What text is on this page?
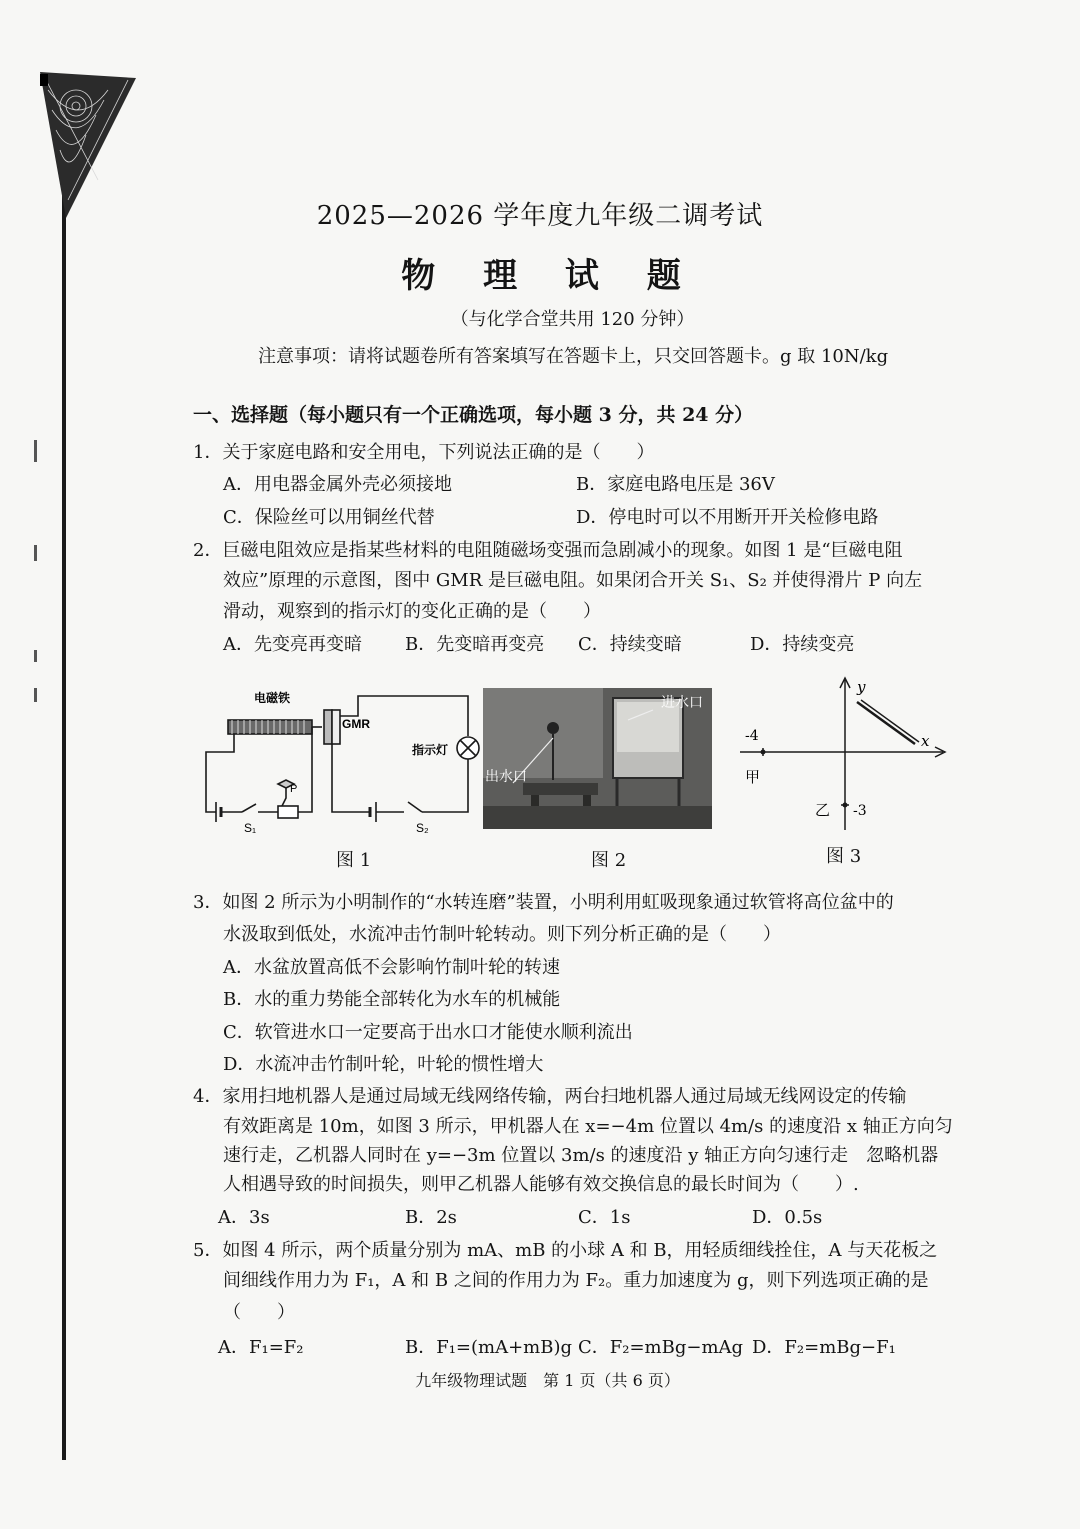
2025—2026 学年度九年级二调考试
物 理 试 题
（与化学合堂共用 120 分钟）
注意事项：请将试题卷所有答案填写在答题卡上，只交回答题卡。g 取 10N/kg
一、选择题（每小题只有一个正确选项，每小题 3 分，共 24 分）
1．关于家庭电路和安全用电，下列说法正确的是（　　）
A．用电器金属外壳必须接地	B．家庭电路电压是 36V
C．保险丝可以用铜丝代替	D．停电时可以不用断开开关检修电路
2．巨磁电阻效应是指某些材料的电阻随磁场变强而急剧减小的现象。如图 1 是“巨磁电阻
效应”原理的示意图，图中 GMR 是巨磁电阻。如果闭合开关 S₁、S₂ 并使得滑片 P 向左
滑动，观察到的指示灯的变化正确的是（　　）
A．先变亮再变暗 B．先变暗再变亮 C．持续变暗	D．持续变亮
电磁铁
GMR
指示灯
S₁	S₂
P
进水口
出水口
y
x
-4
甲
乙 -3
图 1	图 2	图 3
3．如图 2 所示为小明制作的“水转连磨”装置，小明利用虹吸现象通过软管将高位盆中的
水汲取到低处，水流冲击竹制叶轮转动。则下列分析正确的是（　　）
A．水盆放置高低不会影响竹制叶轮的转速
B．水的重力势能全部转化为水车的机械能
C．软管进水口一定要高于出水口才能使水顺利流出
D．水流冲击竹制叶轮，叶轮的惯性增大
4．家用扫地机器人是通过局域无线网络传输，两台扫地机器人通过局域无线网设定的传输
有效距离是 10m，如图 3 所示，甲机器人在 x=−4m 位置以 4m/s 的速度沿 x 轴正方向匀
速行走，乙机器人同时在 y=−3m 位置以 3m/s 的速度沿 y 轴正方向匀速行走　忽略机器
人相遇导致的时间损失，则甲乙机器人能够有效交换信息的最长时间为（　　）.
A．3s	B．2s	C．1s	D．0.5s
5．如图 4 所示，两个质量分别为 mA、mB 的小球 A 和 B，用轻质细线拴住，A 与天花板之
间细线作用力为 F₁，A 和 B 之间的作用力为 F₂。重力加速度为 g，则下列选项正确的是
（　　）
A．F₁=F₂	B．F₁=(mA+mB)g C．F₂=mBg−mAg D．F₂=mBg−F₁
九年级物理试题　第 1 页（共 6 页）
